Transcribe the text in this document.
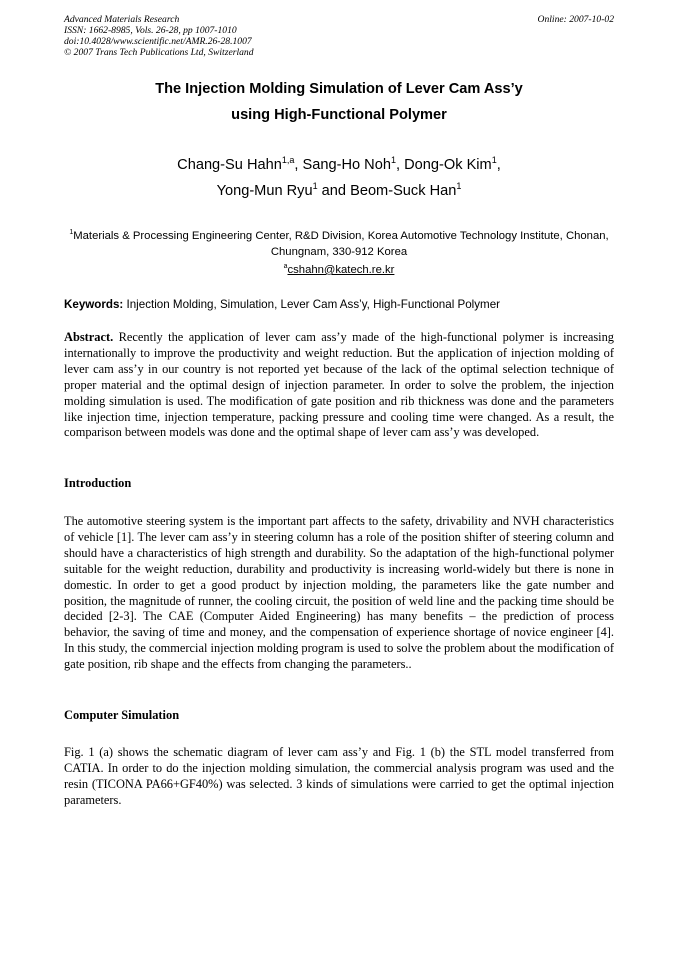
Advanced Materials Research
ISSN: 1662-8985, Vols. 26-28, pp 1007-1010
doi:10.4028/www.scientific.net/AMR.26-28.1007
© 2007 Trans Tech Publications Ltd, Switzerland
Online: 2007-10-02
The Injection Molding Simulation of Lever Cam Ass’y
using High-Functional Polymer
Chang-Su Hahn$^{1,a}$, Sang-Ho Noh$^1$, Dong-Ok Kim$^1$,
Yong-Mun Ryu$^1$ and Beom-Suck Han$^1$
$^1$Materials & Processing Engineering Center, R&D Division, Korea Automotive Technology Institute, Chonan, Chungnam, 330-912 Korea
$^a$cshahn@katech.re.kr
Keywords: Injection Molding, Simulation, Lever Cam Ass’y, High-Functional Polymer
Abstract. Recently the application of lever cam ass’y made of the high-functional polymer is increasing internationally to improve the productivity and weight reduction. But the application of injection molding of lever cam ass’y in our country is not reported yet because of the lack of the optimal selection technique of proper material and the optimal design of injection parameter. In order to solve the problem, the injection molding simulation is used. The modification of gate position and rib thickness was done and the parameters like injection time, injection temperature, packing pressure and cooling time were changed. As a result, the comparison between models was done and the optimal shape of lever cam ass’y was developed.
Introduction
The automotive steering system is the important part affects to the safety, drivability and NVH characteristics of vehicle [1]. The lever cam ass’y in steering column has a role of the position shifter of steering column and should have a characteristics of high strength and durability. So the adaptation of the high-functional polymer suitable for the weight reduction, durability and productivity is increasing world-widely but there is none in domestic. In order to get a good product by injection molding, the parameters like the gate number and position, the magnitude of runner, the cooling circuit, the position of weld line and the packing time should be decided [2-3]. The CAE (Computer Aided Engineering) has many benefits – the prediction of process behavior, the saving of time and money, and the compensation of experience shortage of novice engineer [4]. In this study, the commercial injection molding program is used to solve the problem about the modification of gate position, rib shape and the effects from changing the parameters..
Computer Simulation
Fig. 1 (a) shows the schematic diagram of lever cam ass’y and Fig. 1 (b) the STL model transferred from CATIA. In order to do the injection molding simulation, the commercial analysis program was used and the resin (TICONA PA66+GF40%) was selected. 3 kinds of simulations were carried to get the optimal injection parameters.
